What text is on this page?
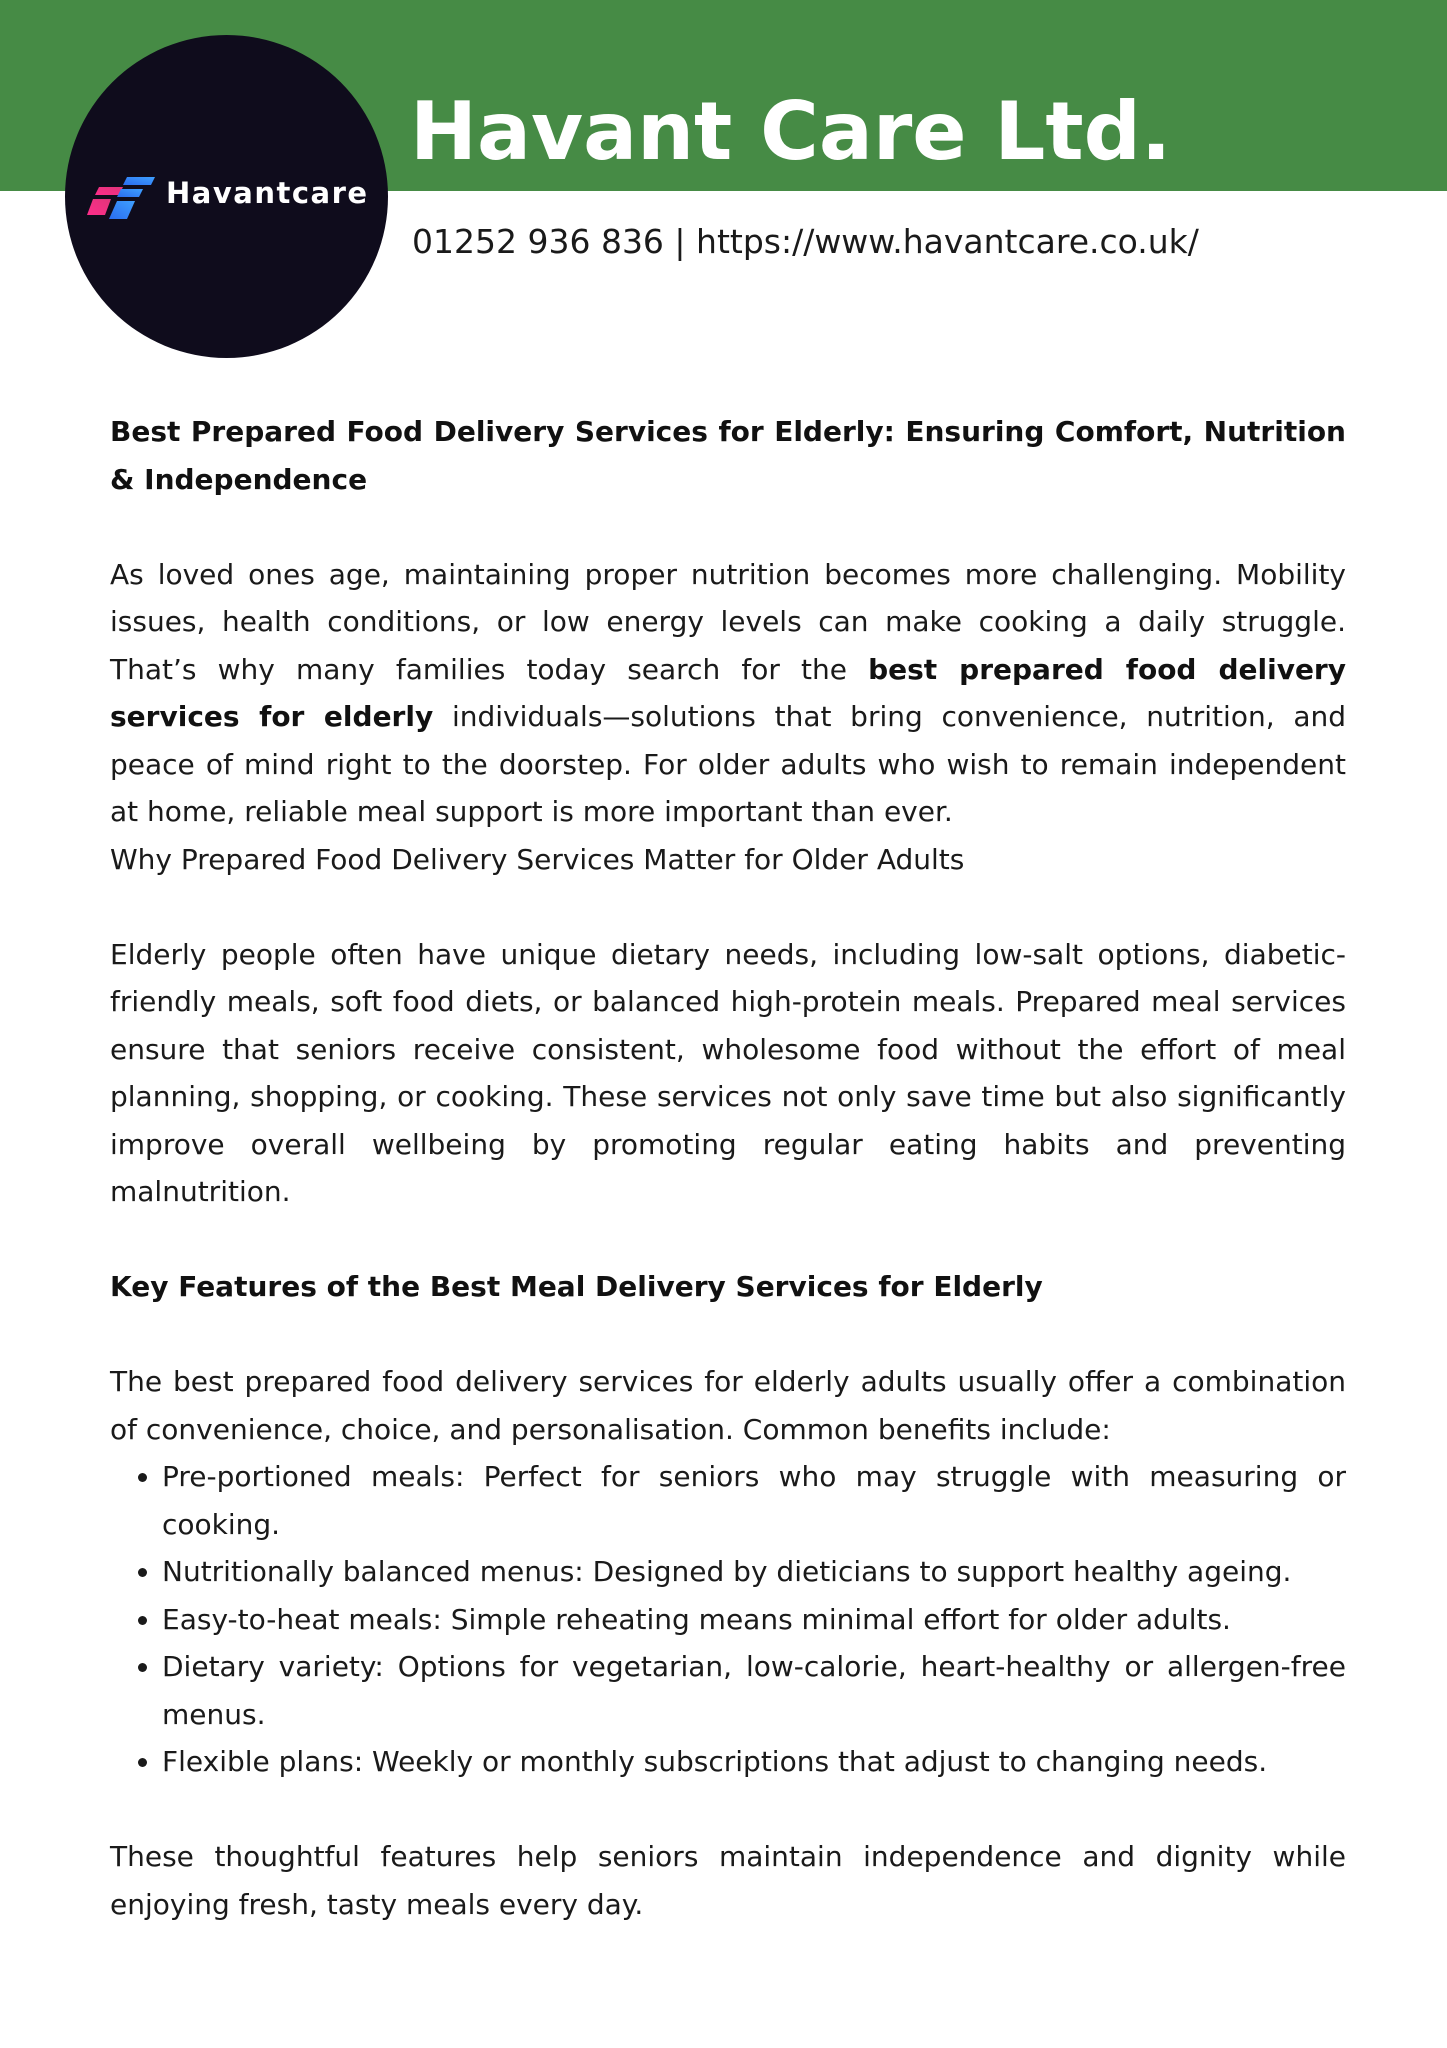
Havant Care Ltd.
Havantcare
01252 936 836 | https://www.havantcare.co.uk/
Best Prepared Food Delivery Services for Elderly: Ensuring Comfort, Nutrition & Independence

As loved ones age, maintaining proper nutrition becomes more challenging. Mobility issues, health conditions, or low energy levels can make cooking a daily struggle. That’s why many families today search for the best prepared food delivery services for elderly individuals—solutions that bring convenience, nutrition, and peace of mind right to the doorstep. For older adults who wish to remain independent at home, reliable meal support is more important than ever.

Why Prepared Food Delivery Services Matter for Older Adults

Elderly people often have unique dietary needs, including low-salt options, diabetic-friendly meals, soft food diets, or balanced high-protein meals. Prepared meal services ensure that seniors receive consistent, wholesome food without the effort of meal planning, shopping, or cooking. These services not only save time but also significantly improve overall wellbeing by promoting regular eating habits and preventing malnutrition.

Key Features of the Best Meal Delivery Services for Elderly

The best prepared food delivery services for elderly adults usually offer a combination of convenience, choice, and personalisation. Common benefits include:

• Pre-portioned meals: Perfect for seniors who may struggle with measuring or cooking.
• Nutritionally balanced menus: Designed by dieticians to support healthy ageing.
• Easy-to-heat meals: Simple reheating means minimal effort for older adults.
• Dietary variety: Options for vegetarian, low-calorie, heart-healthy or allergen-free menus.
• Flexible plans: Weekly or monthly subscriptions that adjust to changing needs.

These thoughtful features help seniors maintain independence and dignity while enjoying fresh, tasty meals every day.
